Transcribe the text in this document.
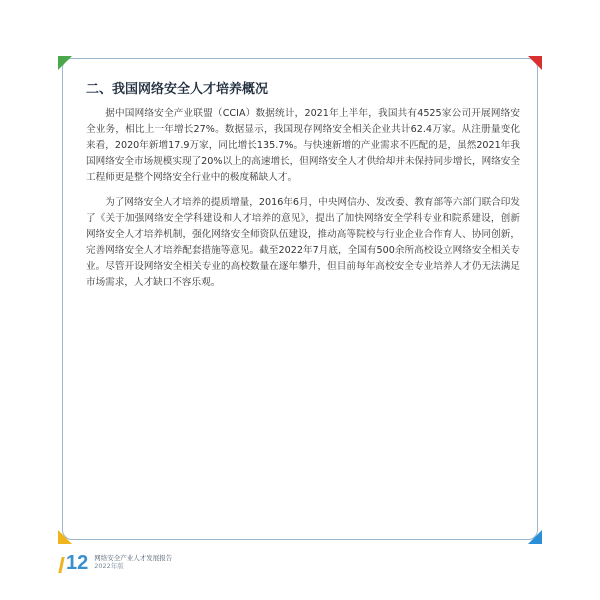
二、我国网络安全人才培养概况

据中国网络安全产业联盟（CCIA）数据统计，2021年上半年，我国共有4525家公司开展网络安全业务，相比上一年增长27%。数据显示，我国现存网络安全相关企业共计62.4万家。从注册量变化来看，2020年新增17.9万家，同比增长135.7%。与快速新增的产业需求不匹配的是，虽然2021年我国网络安全市场规模实现了20%以上的高速增长，但网络安全人才供给却并未保持同步增长，网络安全工程师更是整个网络安全行业中的极度稀缺人才。

为了网络安全人才培养的提质增量，2016年6月，中央网信办、发改委、教育部等六部门联合印发了《关于加强网络安全学科建设和人才培养的意见》，提出了加快网络安全学科专业和院系建设，创新网络安全人才培养机制，强化网络安全师资队伍建设，推动高等院校与行业企业合作育人、协同创新，完善网络安全人才培养配套措施等意见。截至2022年7月底，全国有500余所高校设立网络安全相关专业。尽管开设网络安全相关专业的高校数量在逐年攀升，但目前每年高校安全专业培养人才仍无法满足市场需求，人才缺口不容乐观。

12 网络安全产业人才发展报告
2022年版
